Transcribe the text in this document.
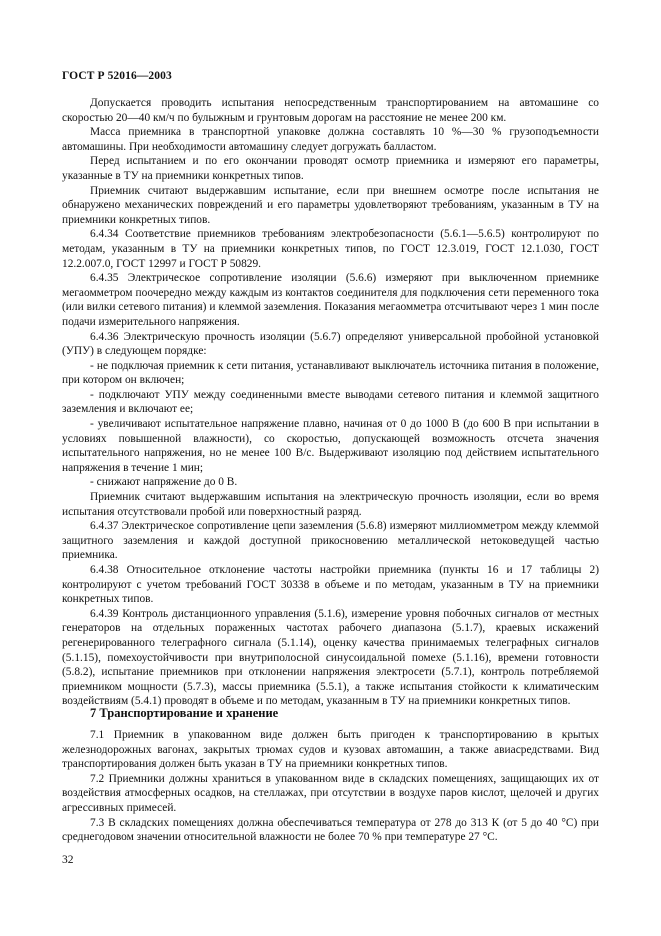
ГОСТ Р 52016—2003

Допускается проводить испытания непосредственным транспортированием на автомашине со скоростью 20—40 км/ч по булыжным и грунтовым дорогам на расстояние не менее 200 км.

Масса приемника в транспортной упаковке должна составлять 10 %—30 % грузоподъемности автомашины. При необходимости автомашину следует догружать балластом.

Перед испытанием и по его окончании проводят осмотр приемника и измеряют его параметры, указанные в ТУ на приемники конкретных типов.

Приемник считают выдержавшим испытание, если при внешнем осмотре после испытания не обнаружено механических повреждений и его параметры удовлетворяют требованиям, указанным в ТУ на приемники конкретных типов.

6.4.34 Соответствие приемников требованиям электробезопасности (5.6.1—5.6.5) контролируют по методам, указанным в ТУ на приемники конкретных типов, по ГОСТ 12.3.019, ГОСТ 12.1.030, ГОСТ 12.2.007.0, ГОСТ 12997 и ГОСТ Р 50829.

6.4.35 Электрическое сопротивление изоляции (5.6.6) измеряют при выключенном приемнике мегаомметром поочередно между каждым из контактов соединителя для подключения сети переменного тока (или вилки сетевого питания) и клеммой заземления. Показания мегаомметра отсчитывают через 1 мин после подачи измерительного напряжения.

6.4.36 Электрическую прочность изоляции (5.6.7) определяют универсальной пробойной установкой (УПУ) в следующем порядке:

- не подключая приемник к сети питания, устанавливают выключатель источника питания в положение, при котором он включен;

- подключают УПУ между соединенными вместе выводами сетевого питания и клеммой защитного заземления и включают ее;

- увеличивают испытательное напряжение плавно, начиная от 0 до 1000 В (до 600 В при испытании в условиях повышенной влажности), со скоростью, допускающей возможность отсчета значения испытательного напряжения, но не менее 100 В/с. Выдерживают изоляцию под действием испытательного напряжения в течение 1 мин;

- снижают напряжение до 0 В.

Приемник считают выдержавшим испытания на электрическую прочность изоляции, если во время испытания отсутствовали пробой или поверхностный разряд.

6.4.37 Электрическое сопротивление цепи заземления (5.6.8) измеряют миллиомметром между клеммой защитного заземления и каждой доступной прикосновению металлической нетоковедущей частью приемника.

6.4.38 Относительное отклонение частоты настройки приемника (пункты 16 и 17 таблицы 2) контролируют с учетом требований ГОСТ 30338 в объеме и по методам, указанным в ТУ на приемники конкретных типов.

6.4.39 Контроль дистанционного управления (5.1.6), измерение уровня побочных сигналов от местных генераторов на отдельных пораженных частотах рабочего диапазона (5.1.7), краевых искажений регенерированного телеграфного сигнала (5.1.14), оценку качества принимаемых телеграфных сигналов (5.1.15), помехоустойчивости при внутриполосной синусоидальной помехе (5.1.16), времени готовности (5.8.2), испытание приемников при отклонении напряжения электросети (5.7.1), контроль потребляемой приемником мощности (5.7.3), массы приемника (5.5.1), а также испытания стойкости к климатическим воздействиям (5.4.1) проводят в объеме и по методам, указанным в ТУ на приемники конкретных типов.

7 Транспортирование и хранение

7.1 Приемник в упакованном виде должен быть пригоден к транспортированию в крытых железнодорожных вагонах, закрытых трюмах судов и кузовах автомашин, а также авиасредствами. Вид транспортирования должен быть указан в ТУ на приемники конкретных типов.

7.2 Приемники должны храниться в упакованном виде в складских помещениях, защищающих их от воздействия атмосферных осадков, на стеллажах, при отсутствии в воздухе паров кислот, щелочей и других агрессивных примесей.

7.3 В складских помещениях должна обеспечиваться температура от 278 до 313 К (от 5 до 40 °С) при среднегодовом значении относительной влажности не более 70 % при температуре 27 °С.

32
